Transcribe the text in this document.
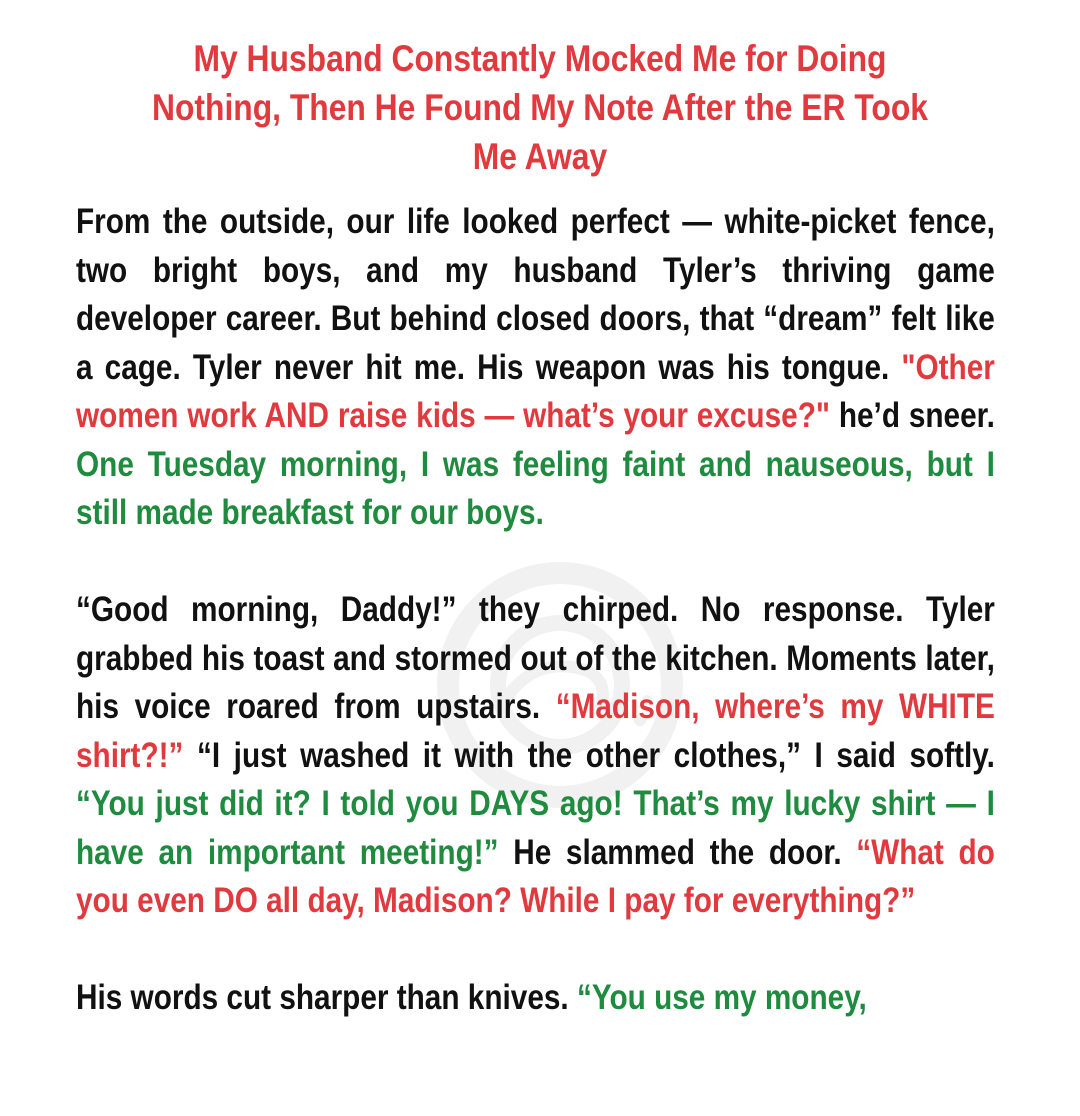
My Husband Constantly Mocked Me for Doing Nothing, Then He Found My Note After the ER Took Me Away

From the outside, our life looked perfect — white-picket fence, two bright boys, and my husband Tyler’s thriving game developer career. But behind closed doors, that “dream” felt like a cage. Tyler never hit me. His weapon was his tongue. "Other women work AND raise kids — what’s your excuse?" he’d sneer. One Tuesday morning, I was feeling faint and nauseous, but I still made breakfast for our boys.

“Good morning, Daddy!” they chirped. No response. Tyler grabbed his toast and stormed out of the kitchen. Moments later, his voice roared from upstairs. “Madison, where’s my WHITE shirt?!” “I just washed it with the other clothes,” I said softly. “You just did it? I told you DAYS ago! That’s my lucky shirt — I have an important meeting!” He slammed the door. “What do you even DO all day, Madison? While I pay for everything?”

His words cut sharper than knives. “You use my money,
